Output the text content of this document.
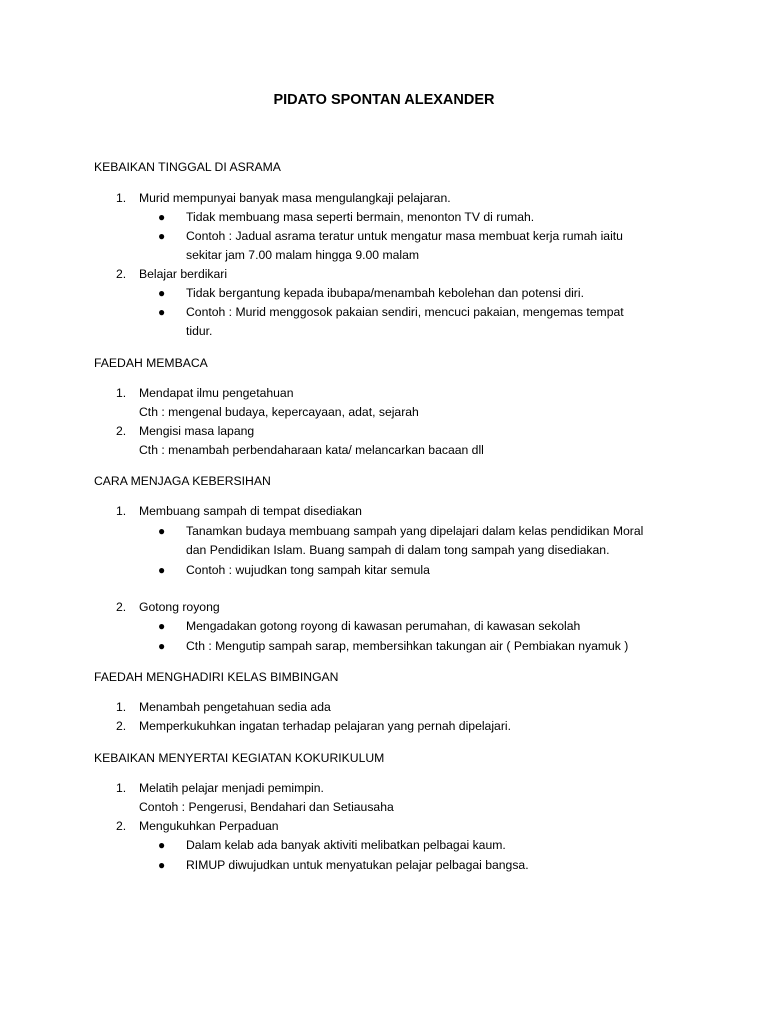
PIDATO SPONTAN ALEXANDER
KEBAIKAN TINGGAL DI ASRAMA
1.	Murid mempunyai banyak masa mengulangkaji pelajaran.
● Tidak membuang masa seperti bermain, menonton TV di rumah.
● Contoh : Jadual asrama teratur untuk mengatur masa membuat kerja rumah iaitu
sekitar jam 7.00 malam hingga 9.00 malam
2.	Belajar berdikari
● Tidak bergantung kepada ibubapa/menambah kebolehan dan potensi diri.
● Contoh : Murid menggosok pakaian sendiri, mencuci pakaian, mengemas tempat
tidur.
FAEDAH MEMBACA
1.	Mendapat ilmu pengetahuan
Cth : mengenal budaya, kepercayaan, adat, sejarah
2.	Mengisi masa lapang
Cth : menambah perbendaharaan kata/ melancarkan bacaan dll
CARA MENJAGA KEBERSIHAN
1.	Membuang sampah di tempat disediakan
● Tanamkan budaya membuang sampah yang dipelajari dalam kelas pendidikan Moral
dan Pendidikan Islam. Buang sampah di dalam tong sampah yang disediakan.
● Contoh : wujudkan tong sampah kitar semula
2.	Gotong royong
● Mengadakan gotong royong di kawasan perumahan, di kawasan sekolah
● Cth : Mengutip sampah sarap, membersihkan takungan air ( Pembiakan nyamuk )
FAEDAH MENGHADIRI KELAS BIMBINGAN
1.	Menambah pengetahuan sedia ada
2.	Memperkukuhkan ingatan terhadap pelajaran yang pernah dipelajari.
KEBAIKAN MENYERTAI KEGIATAN KOKURIKULUM
1.	Melatih pelajar menjadi pemimpin.
Contoh : Pengerusi, Bendahari dan Setiausaha
2.	Mengukuhkan Perpaduan
● Dalam kelab ada banyak aktiviti melibatkan pelbagai kaum.
● RIMUP diwujudkan untuk menyatukan pelajar pelbagai bangsa.
